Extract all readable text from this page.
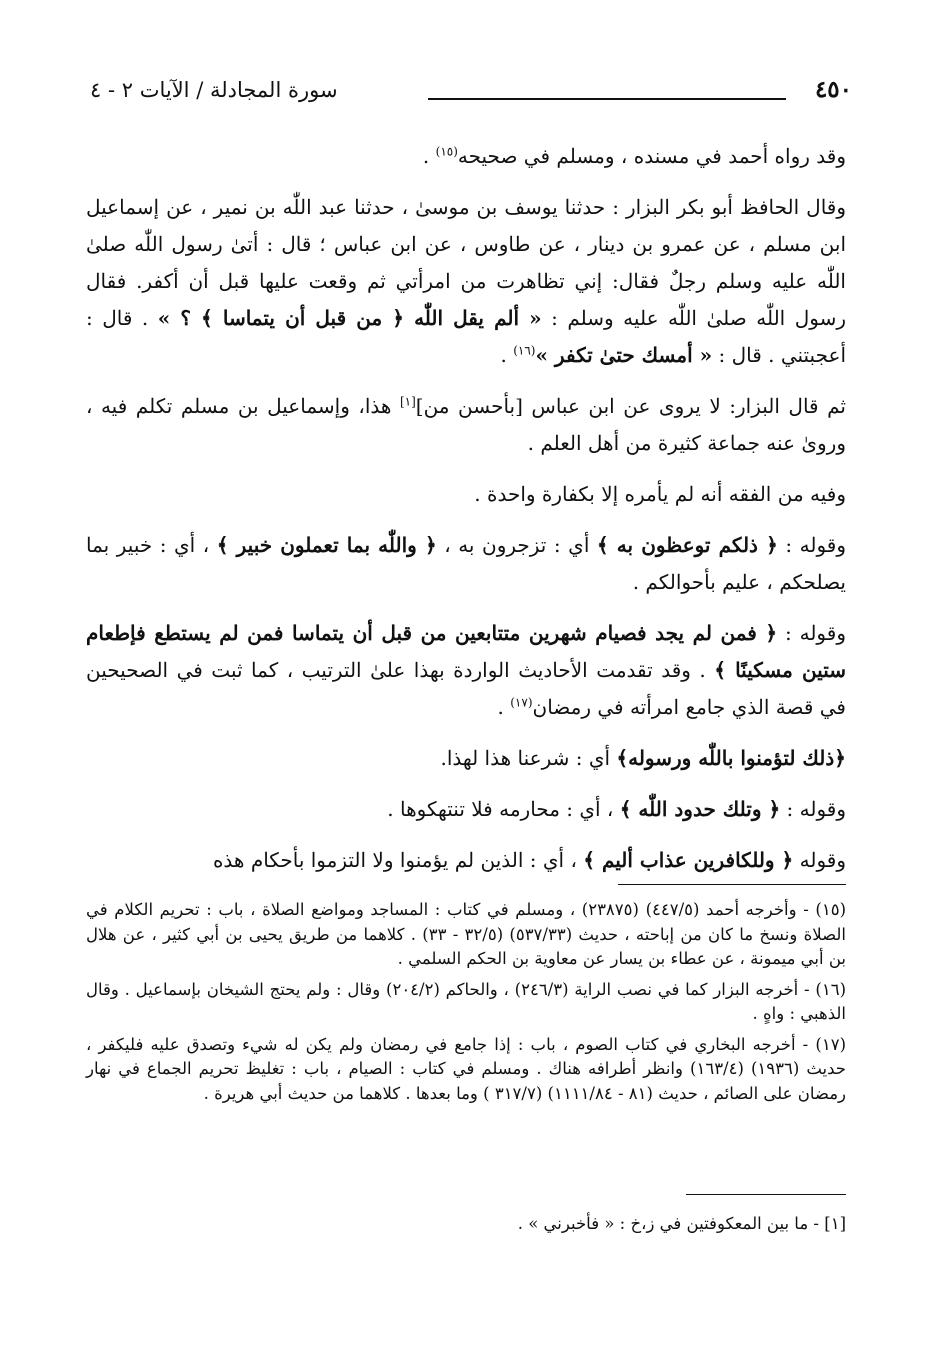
سورة المجادلة / الآيات ٢ - ٤	٤٥٠

وقد رواه أحمد في مسنده ، ومسلم في صحيحه$^{(١٥)}$ .

وقال الحافظ أبو بكر البزار : حدثنا يوسف بن موسىٰ ، حدثنا عبد اللّٰه بن نمير ، عن إسماعيل ابن مسلم ، عن عمرو بن دينار ، عن طاوس ، عن ابن عباس ؛ قال : أتىٰ رسول اللّٰه صلىٰ اللّٰه عليه وسلم رجلٌ فقال: إني تظاهرت من امرأتي ثم وقعت عليها قبل أن أكفر. فقال رسول اللّٰه صلىٰ اللّٰه عليه وسلم : « ألم يقل اللّٰه ﴿ من قبل أن يتماسا ﴾ ؟ » . قال : أعجبتني . قال : « أمسك حتىٰ تكفر »$^{(١٦)}$ .

ثم قال البزار: لا يروى عن ابن عباس [بأحسن من][١] هذا، وإسماعيل بن مسلم تكلم فيه ، وروىٰ عنه جماعة كثيرة من أهل العلم .

وفيه من الفقه أنه لم يأمره إلا بكفارة واحدة .

وقوله : ﴿ ذلكم توعظون به ﴾ أي : تزجرون به ، ﴿ واللّٰه بما تعملون خبير ﴾ ، أي : خبير بما يصلحكم ، عليم بأحوالكم .

وقوله : ﴿ فمن لم يجد فصيام شهرين متتابعين من قبل أن يتماسا فمن لم يستطع فإطعام ستين مسكينًا ﴾ . وقد تقدمت الأحاديث الواردة بهذا علىٰ الترتيب ، كما ثبت في الصحيحين في قصة الذي جامع امرأته في رمضان$^{(١٧)}$ .

﴿ذلك لتؤمنوا باللّٰه ورسوله﴾ أي : شرعنا هذا لهذا.

وقوله : ﴿ وتلك حدود اللّٰه ﴾ ، أي : محارمه فلا تنتهكوها .

وقوله ﴿ وللكافرين عذاب أليم ﴾ ، أي : الذين لم يؤمنوا ولا التزموا بأحكام هذه

(١٥) - وأخرجه أحمد (٤٤٧/٥) (٢٣٨٧٥) ، ومسلم في كتاب : المساجد ومواضع الصلاة ، باب : تحريم الكلام في الصلاة ونسخ ما كان من إباحته ، حديث (٥٣٧/٣٣) (٣٢/٥ - ٣٣) . كلاهما من طريق يحيى بن أبي كثير ، عن هلال بن أبي ميمونة ، عن عطاء بن يسار عن معاوية بن الحكم السلمي .

(١٦) - أخرجه البزار كما في نصب الراية (٢٤٦/٣) ، والحاكم (٢٠٤/٢) وقال : ولم يحتج الشيخان بإسماعيل . وقال الذهبي : واهٍ .

(١٧) - أخرجه البخاري في كتاب الصوم ، باب : إذا جامع في رمضان ولم يكن له شيء وتصدق عليه فليكفر ، حديث (١٩٣٦) (١٦٣/٤) وانظر أطرافه هناك . ومسلم في كتاب : الصيام ، باب : تغليظ تحريم الجماع في نهار رمضان على الصائم ، حديث (٨١ - ١١١١/٨٤) (٣١٧/٧ ) وما بعدها . كلاهما من حديث أبي هريرة .

[١] - ما بين المعكوفتين في ز،خ : « فأخبرني » .
